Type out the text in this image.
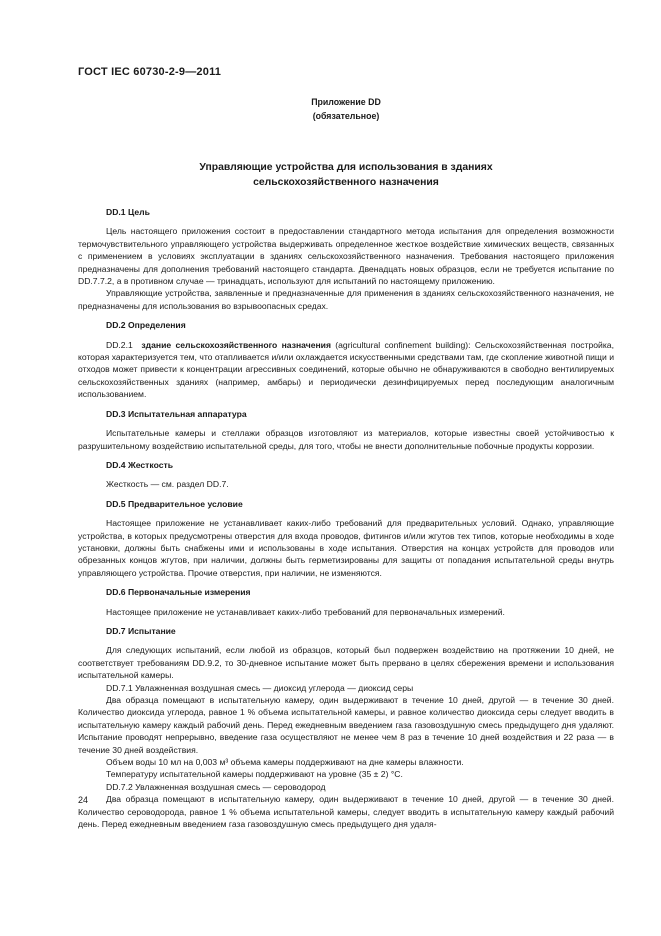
ГОСТ IEC 60730-2-9—2011
Приложение DD
(обязательное)
Управляющие устройства для использования в зданиях
сельскохозяйственного назначения

DD.1 Цель

Цель настоящего приложения состоит в предоставлении стандартного метода испытания для определения возможности термочувствительного управляющего устройства выдерживать определенное жесткое воздействие химических веществ, связанных с применением в условиях эксплуатации в зданиях сельскохозяйственного назначения. Требования настоящего приложения предназначены для дополнения требований настоящего стандарта. Двенадцать новых образцов, если не требуется испытание по DD.7.7.2, а в противном случае — тринадцать, используют для испытаний по настоящему приложению.

Управляющие устройства, заявленные и предназначенные для применения в зданиях сельскохозяйственного назначения, не предназначены для использования во взрывоопасных средах.

DD.2 Определения

DD.2.1 здание сельскохозяйственного назначения (agricultural confinement building): Сельскохозяйственная постройка, которая характеризуется тем, что отапливается и/или охлаждается искусственными средствами там, где скопление животной пищи и отходов может привести к концентрации агрессивных соединений, которые обычно не обнаруживаются в свободно вентилируемых сельскохозяйственных зданиях (например, амбары) и периодически дезинфицируемых перед последующим аналогичным использованием.

DD.3 Испытательная аппаратура

Испытательные камеры и стеллажи образцов изготовляют из материалов, которые известны своей устойчивостью к разрушительному воздействию испытательной среды, для того, чтобы не внести дополнительные побочные продукты коррозии.

DD.4 Жесткость

Жесткость — см. раздел DD.7.

DD.5 Предварительное условие

Настоящее приложение не устанавливает каких-либо требований для предварительных условий. Однако, управляющие устройства, в которых предусмотрены отверстия для входа проводов, фитингов и/или жгутов тех типов, которые необходимы в ходе установки, должны быть снабжены ими и использованы в ходе испытания. Отверстия на концах устройств для проводов или обрезанных концов жгутов, при наличии, должны быть герметизированы для защиты от попадания испытательной среды внутрь управляющего устройства. Прочие отверстия, при наличии, не изменяются.

DD.6 Первоначальные измерения

Настоящее приложение не устанавливает каких-либо требований для первоначальных измерений.

DD.7 Испытание

Для следующих испытаний, если любой из образцов, который был подвержен воздействию на протяжении 10 дней, не соответствует требованиям DD.9.2, то 30-дневное испытание может быть прервано в целях сбережения времени и использования испытательной камеры.

DD.7.1 Увлажненная воздушная смесь — диоксид углерода — диоксид серы

Два образца помещают в испытательную камеру, один выдерживают в течение 10 дней, другой — в течение 30 дней. Количество диоксида углерода, равное 1 % объема испытательной камеры, и равное количество диоксида серы следует вводить в испытательную камеру каждый рабочий день. Перед ежедневным введением газа газовоздушную смесь предыдущего дня удаляют. Испытание проводят непрерывно, введение газа осуществляют не менее чем 8 раз в течение 10 дней воздействия и 22 раза — в течение 30 дней воздействия.

Объем воды 10 мл на 0,003 м³ объема камеры поддерживают на дне камеры влажности.

Температуру испытательной камеры поддерживают на уровне (35 ± 2) °С.

DD.7.2 Увлажненная воздушная смесь — сероводород

Два образца помещают в испытательную камеру, один выдерживают в течение 10 дней, другой — в течение 30 дней. Количество сероводорода, равное 1 % объема испытательной камеры, следует вводить в испытательную камеру каждый рабочий день. Перед ежедневным введением газа газовоздушную смесь предыдущего дня удаля-

24
